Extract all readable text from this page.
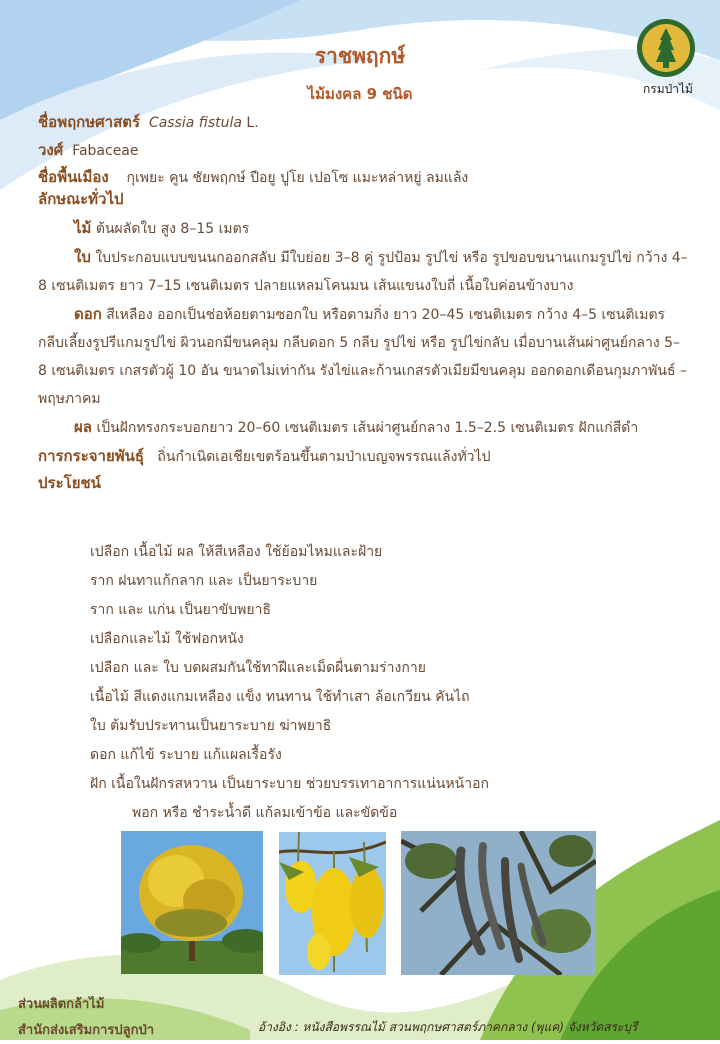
กรมป่าไม้
ราชพฤกษ์
ไม้มงคล 9 ชนิด
ชื่อพฤกษศาสตร์ Cassia fistula L.
วงศ์ Fabaceae
ชื่อพื้นเมือง กุเพยะ คูน ชัยพฤกษ์ ปือยู ปูโย เปอโซ แมะหล่าหยู่ ลมแล้ง
ลักษณะทั่วไป

ไม้ ต้นผลัดใบ สูง 8–15 เมตร

ใบ ใบประกอบแบบขนนกออกสลับ มีใบย่อย 3–8 คู่ รูปป้อม รูปไข่ หรือ รูปขอบขนานแกมรูปไข่ กว้าง 4–8 เซนติเมตร ยาว 7–15 เซนติเมตร ปลายแหลมโคนมน เส้นแขนงใบถี่ เนื้อใบค่อนข้างบาง

ดอก สีเหลือง ออกเป็นช่อห้อยตามซอกใบ หรือตามกิ่ง ยาว 20–45 เซนติเมตร กว้าง 4–5 เซนติเมตร กลีบเลี้ยงรูปรีแกมรูปไข่ ผิวนอกมีขนคลุม กลีบดอก 5 กลีบ รูปไข่ หรือ รูปไข่กลับ เมื่อบานเส้นผ่าศูนย์กลาง 5–8 เซนติเมตร เกสรตัวผู้ 10 อัน ขนาดไม่เท่ากัน รังไข่และก้านเกสรตัวเมียมีขนคลุม ออกดอกเดือนกุมภาพันธ์ – พฤษภาคม

ผล เป็นฝักทรงกระบอกยาว 20–60 เซนติเมตร เส้นผ่าศูนย์กลาง 1.5–2.5 เซนติเมตร ฝักแก่สีดำ

การกระจายพันธุ์ ถิ่นกำเนิดเอเชียเขตร้อนขึ้นตามป่าเบญจพรรณแล้งทั่วไป
ประโยชน์
เปลือก เนื้อไม้ ผล ให้สีเหลือง ใช้ย้อมไหมและฝ้าย
ราก ฝนทาแก้กลาก และ เป็นยาระบาย
ราก และ แก่น เป็นยาขับพยาธิ
เปลือกและไม้ ใช้ฟอกหนัง
เปลือก และ ใบ บดผสมกันใช้ทาฝีและเม็ดผื่นตามร่างกาย
เนื้อไม้ สีแดงแกมเหลือง แข็ง ทนทาน ใช้ทำเสา ล้อเกวียน คันไถ
ใบ ต้มรับประทานเป็นยาระบาย ฆ่าพยาธิ
ดอก แก้ไข้ ระบาย แก้แผลเรื้อรัง
ฝัก เนื้อในฝักรสหวาน เป็นยาระบาย ช่วยบรรเทาอาการแน่นหน้าอก
พอก หรือ ชำระน้ำดี แก้ลมเข้าข้อ และขัดข้อ
ส่วนผลิตกล้าไม้
สำนักส่งเสริมการปลูกป่า	อ้างอิง : หนังสือพรรณไม้ สวนพฤกษศาสตร์ภาคกลาง (พุแค) จังหวัดสระบุรี
